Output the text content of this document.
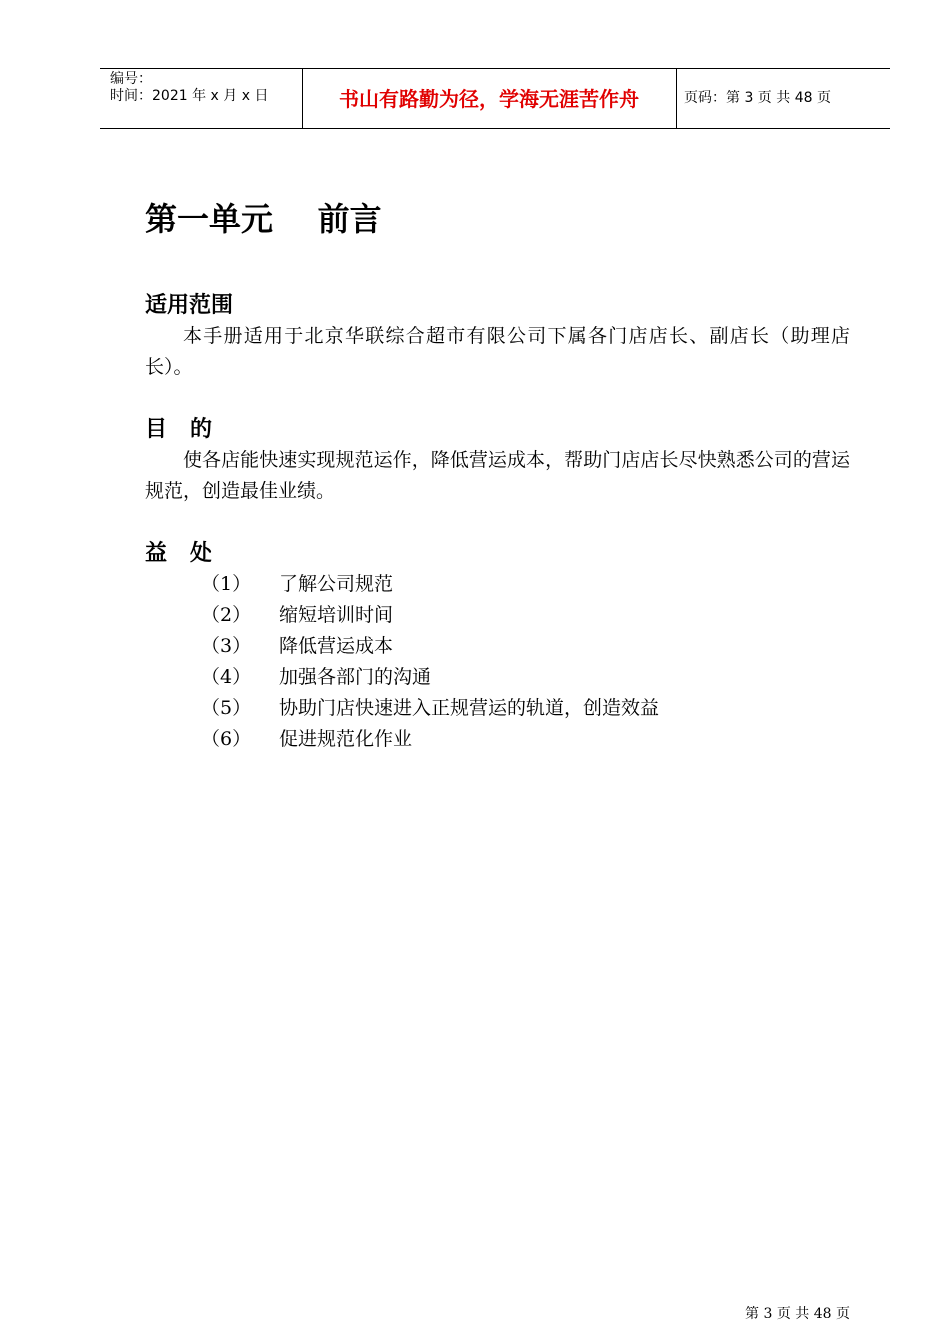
编号：
时间：2021 年 x 月 x 日	书山有路勤为径，学海无涯苦作舟	页码：第 3 页 共 48 页
第一单元    前言
适用范围

本手册适用于北京华联综合超市有限公司下属各门店店长、副店长（助理店长）。

目   的

使各店能快速实现规范运作，降低营运成本，帮助门店店长尽快熟悉公司的营运规范，创造最佳业绩。

益   处
（1） 了解公司规范
（2） 缩短培训时间
（3） 降低营运成本
（4） 加强各部门的沟通
（5） 协助门店快速进入正规营运的轨道，创造效益
（6） 促进规范化作业
第 3 页 共 48 页
